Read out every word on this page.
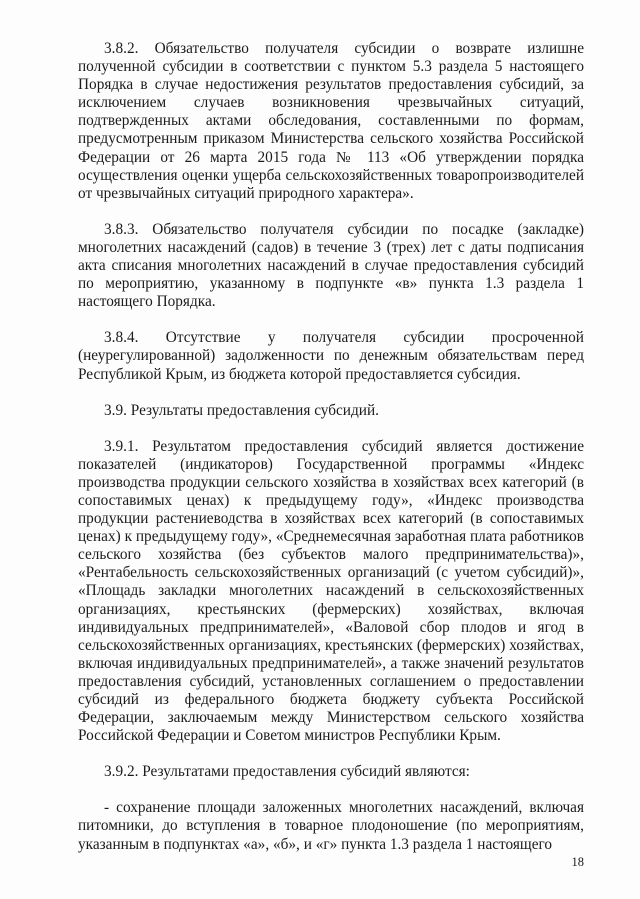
3.8.2. Обязательство получателя субсидии о возврате излишне полученной субсидии в соответствии с пунктом 5.3 раздела 5 настоящего Порядка в случае недостижения результатов предоставления субсидий, за исключением случаев возникновения чрезвычайных ситуаций, подтвержденных актами обследования, составленными по формам, предусмотренным приказом Министерства сельского хозяйства Российской Федерации от 26 марта 2015 года № 113 «Об утверждении порядка осуществления оценки ущерба сельскохозяйственных товаропроизводителей от чрезвычайных ситуаций природного характера».

3.8.3. Обязательство получателя субсидии по посадке (закладке) многолетних насаждений (садов) в течение 3 (трех) лет с даты подписания акта списания многолетних насаждений в случае предоставления субсидий по мероприятию, указанному в подпункте «в» пункта 1.3 раздела 1 настоящего Порядка.

3.8.4. Отсутствие у получателя субсидии просроченной (неурегулированной) задолженности по денежным обязательствам перед Республикой Крым, из бюджета которой предоставляется субсидия.

3.9. Результаты предоставления субсидий.

3.9.1. Результатом предоставления субсидий является достижение показателей (индикаторов) Государственной программы «Индекс производства продукции сельского хозяйства в хозяйствах всех категорий (в сопоставимых ценах) к предыдущему году», «Индекс производства продукции растениеводства в хозяйствах всех категорий (в сопоставимых ценах) к предыдущему году», «Среднемесячная заработная плата работников сельского хозяйства (без субъектов малого предпринимательства)», «Рентабельность сельскохозяйственных организаций (с учетом субсидий)», «Площадь закладки многолетних насаждений в сельскохозяйственных организациях, крестьянских (фермерских) хозяйствах, включая индивидуальных предпринимателей», «Валовой сбор плодов и ягод в сельскохозяйственных организациях, крестьянских (фермерских) хозяйствах, включая индивидуальных предпринимателей», а также значений результатов предоставления субсидий, установленных соглашением о предоставлении субсидий из федерального бюджета бюджету субъекта Российской Федерации, заключаемым между Министерством сельского хозяйства Российской Федерации и Советом министров Республики Крым.

3.9.2. Результатами предоставления субсидий являются:

- сохранение площади заложенных многолетних насаждений, включая питомники, до вступления в товарное плодоношение (по мероприятиям, указанным в подпунктах «а», «б», и «г» пункта 1.3 раздела 1 настоящего

18
